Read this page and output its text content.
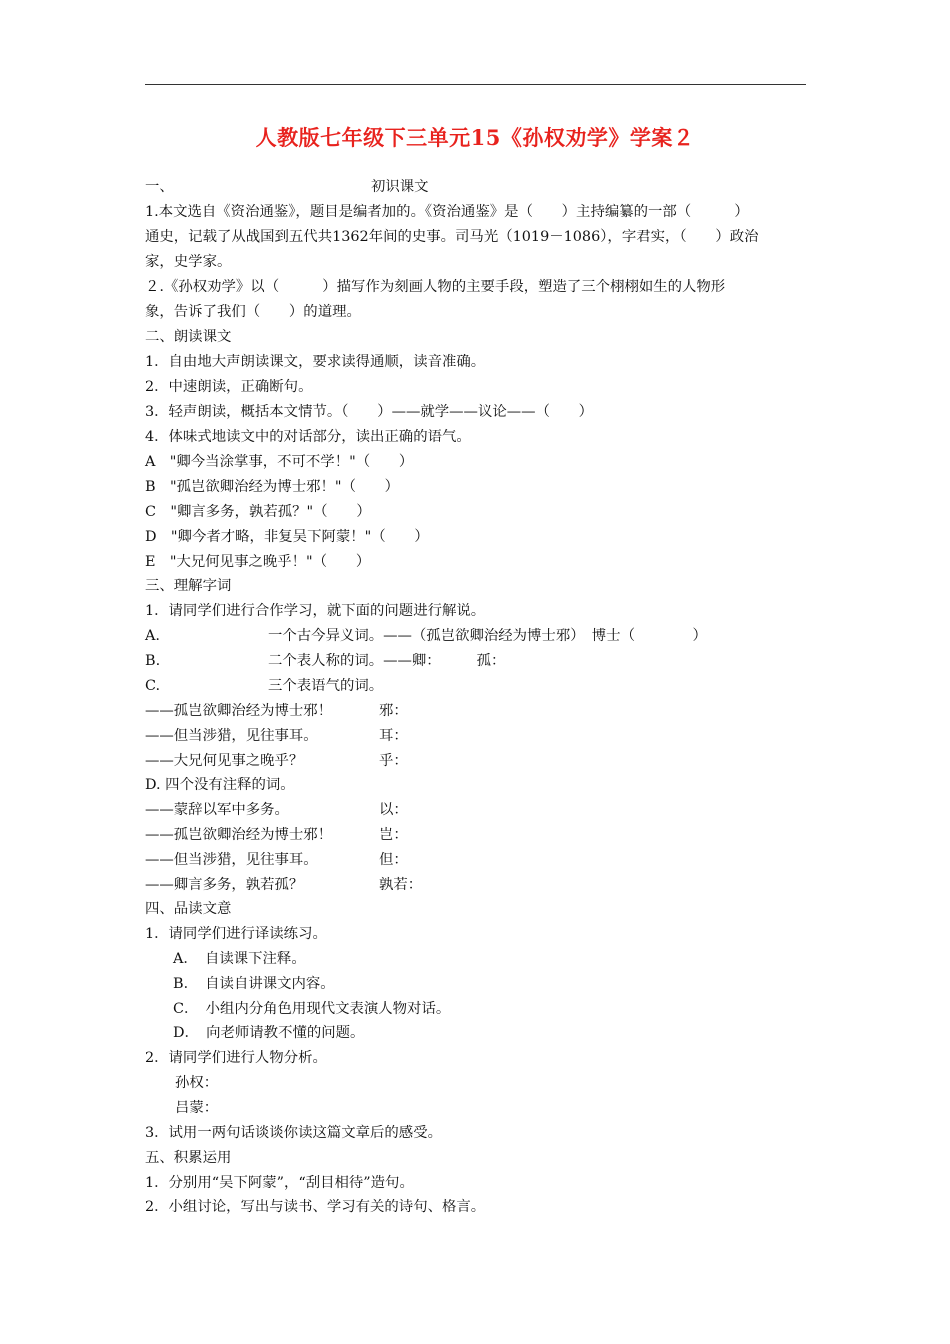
人教版七年级下三单元15《孙权劝学》学案２
一、	初识课文
1.本文选自《资治通鉴》，题目是编者加的。《资治通鉴》是（　　）主持编纂的一部（　　　）
通史，记载了从战国到五代共1362年间的史事。司马光（1019－1086），字君实，（　　）政治
家，史学家。
２.《孙权劝学》以（　　　）描写作为刻画人物的主要手段，塑造了三个栩栩如生的人物形
象，告诉了我们（　　）的道理。
二、朗读课文
1．自由地大声朗读课文，要求读得通顺，读音准确。
2．中速朗读，正确断句。
3．轻声朗读，概括本文情节。（　　）——就学——议论——（　　）
4．体味式地读文中的对话部分，读出正确的语气。
A　"卿今当涂掌事，不可不学！"（　　）
B　"孤岂欲卿治经为博士邪！"（　　）
C　"卿言多务，孰若孤？"（　　）
D　"卿今者才略，非复吴下阿蒙！"（　　）
E　"大兄何见事之晚乎！"（　　）
三、理解字词
1．请同学们进行合作学习，就下面的问题进行解说。
A.	一个古今异义词。——（孤岂欲卿治经为博士邪）　博士（　　　　）
B.	二个表人称的词。——卿：　　　孤：
C.	三个表语气的词。
——孤岂欲卿治经为博士邪！	邪：
——但当涉猎，见往事耳。	耳：
——大兄何见事之晚乎？	乎：
D. 四个没有注释的词。
——蒙辞以军中多务。	以：
——孤岂欲卿治经为博士邪！	岂：
——但当涉猎，见往事耳。	但：
——卿言多务，孰若孤？	孰若：
四、品读文意
1．请同学们进行译读练习。
A．　自读课下注释。
B．　自读自讲课文内容。
C．　小组内分角色用现代文表演人物对话。
D．　向老师请教不懂的问题。
2．请同学们进行人物分析。
孙权：
吕蒙：
3．试用一两句话谈谈你读这篇文章后的感受。
五、积累运用
1．分别用“吴下阿蒙”，“刮目相待”造句。
2．小组讨论，写出与读书、学习有关的诗句、格言。
